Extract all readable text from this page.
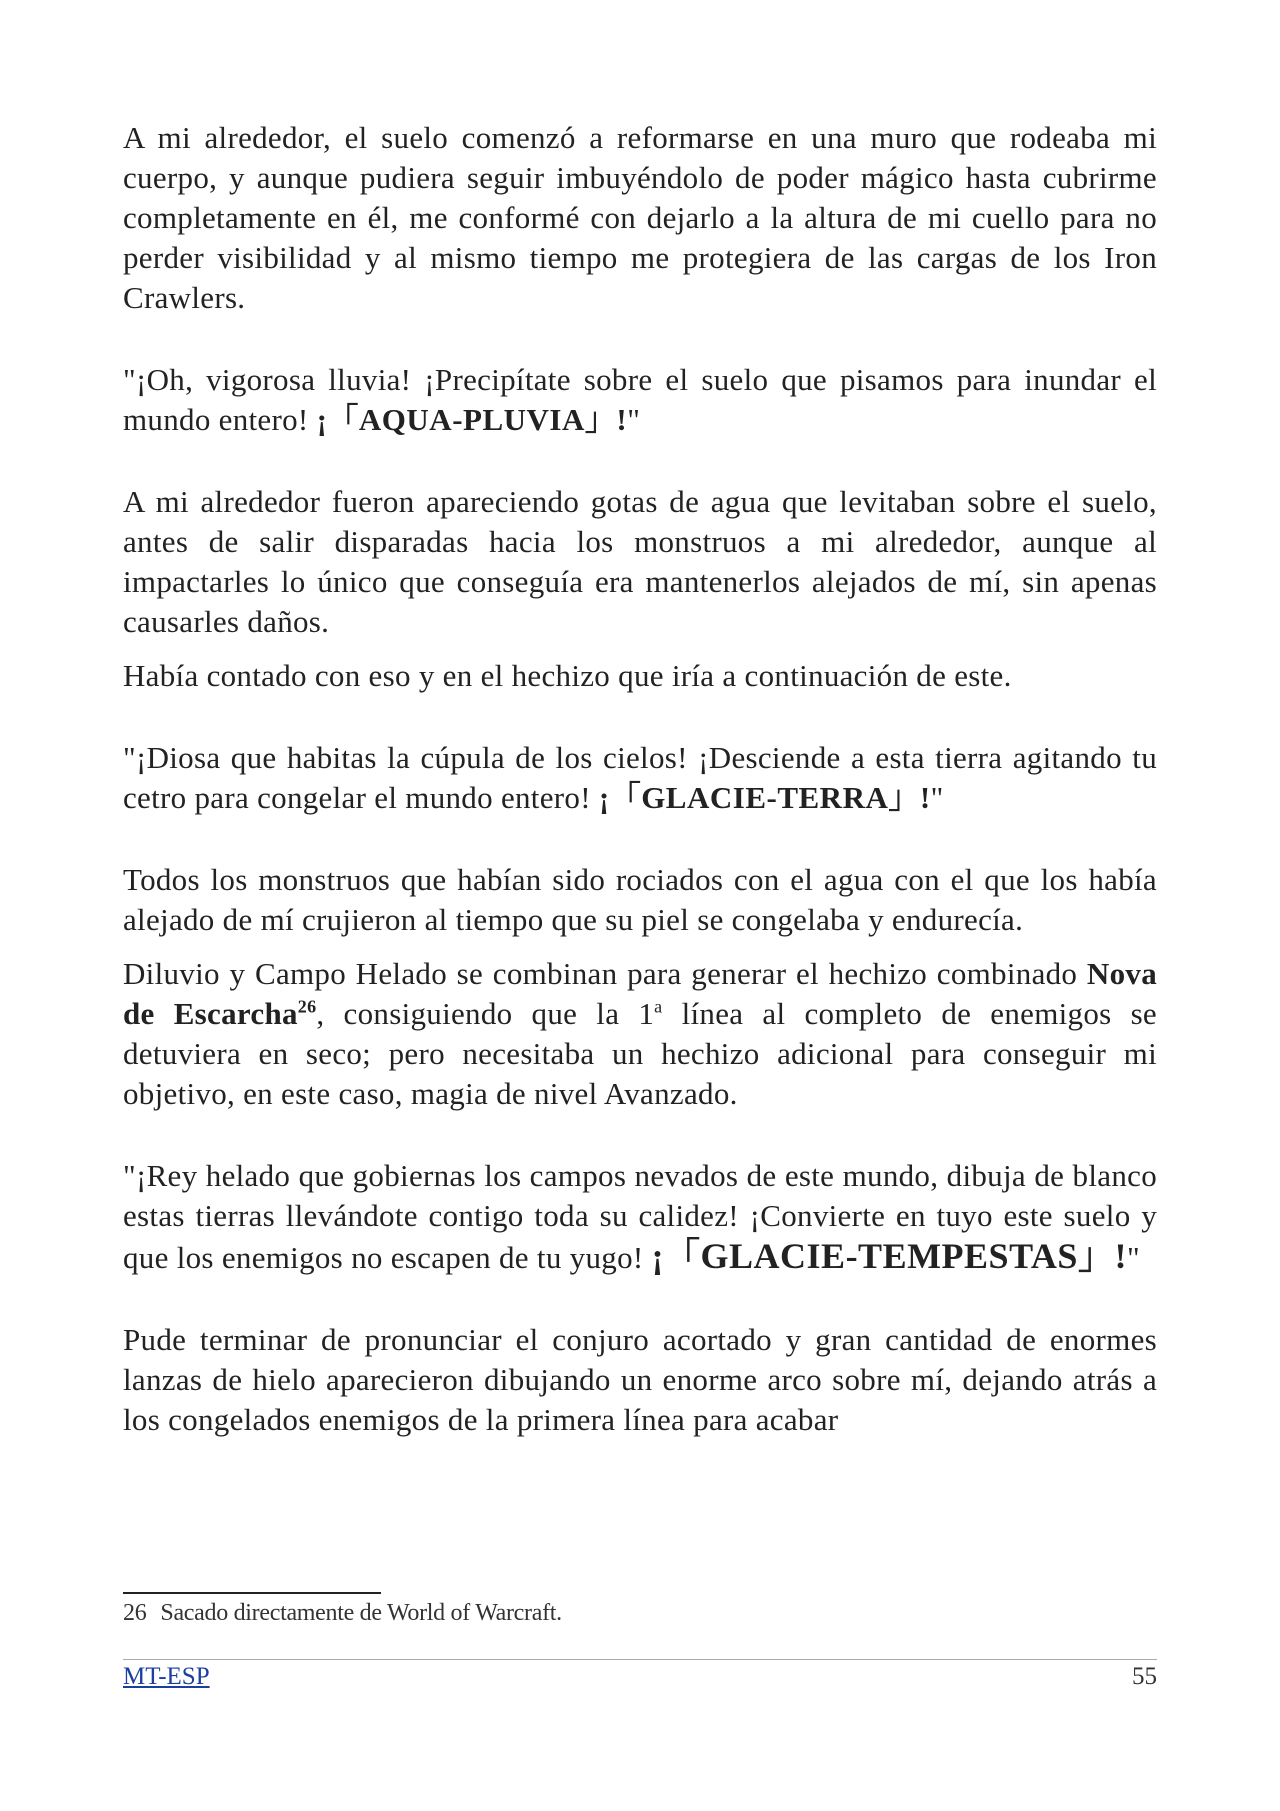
A mi alrededor, el suelo comenzó a reformarse en una muro que rodeaba mi cuerpo, y aunque pudiera seguir imbuyéndolo de poder mágico hasta cubrirme completamente en él, me conformé con dejarlo a la altura de mi cuello para no perder visibilidad y al mismo tiempo me protegiera de las cargas de los Iron Crawlers.

"¡Oh, vigorosa lluvia! ¡Precipítate sobre el suelo que pisamos para inundar el mundo entero! ¡「AQUA-PLUVIA」!"

A mi alrededor fueron apareciendo gotas de agua que levitaban sobre el suelo, antes de salir disparadas hacia los monstruos a mi alrededor, aunque al impactarles lo único que conseguía era mantenerlos alejados de mí, sin apenas causarles daños.

Había contado con eso y en el hechizo que iría a continuación de este.

"¡Diosa que habitas la cúpula de los cielos! ¡Desciende a esta tierra agitando tu cetro para congelar el mundo entero! ¡「GLACIE-TERRA」!"

Todos los monstruos que habían sido rociados con el agua con el que los había alejado de mí crujieron al tiempo que su piel se congelaba y endurecía.

Diluvio y Campo Helado se combinan para generar el hechizo combinado Nova de Escarcha$^{26}$, consiguiendo que la 1$^a$ línea al completo de enemigos se detuviera en seco; pero necesitaba un hechizo adicional para conseguir mi objetivo, en este caso, magia de nivel Avanzado.

"¡Rey helado que gobiernas los campos nevados de este mundo, dibuja de blanco estas tierras llevándote contigo toda su calidez! ¡Convierte en tuyo este suelo y que los enemigos no escapen de tu yugo! ¡「GLACIE-TEMPESTAS」!"

Pude terminar de pronunciar el conjuro acortado y gran cantidad de enormes lanzas de hielo aparecieron dibujando un enorme arco sobre mí, dejando atrás a los congelados enemigos de la primera línea para acabar

26 Sacado directamente de World of Warcraft.
MT-ESP	55
